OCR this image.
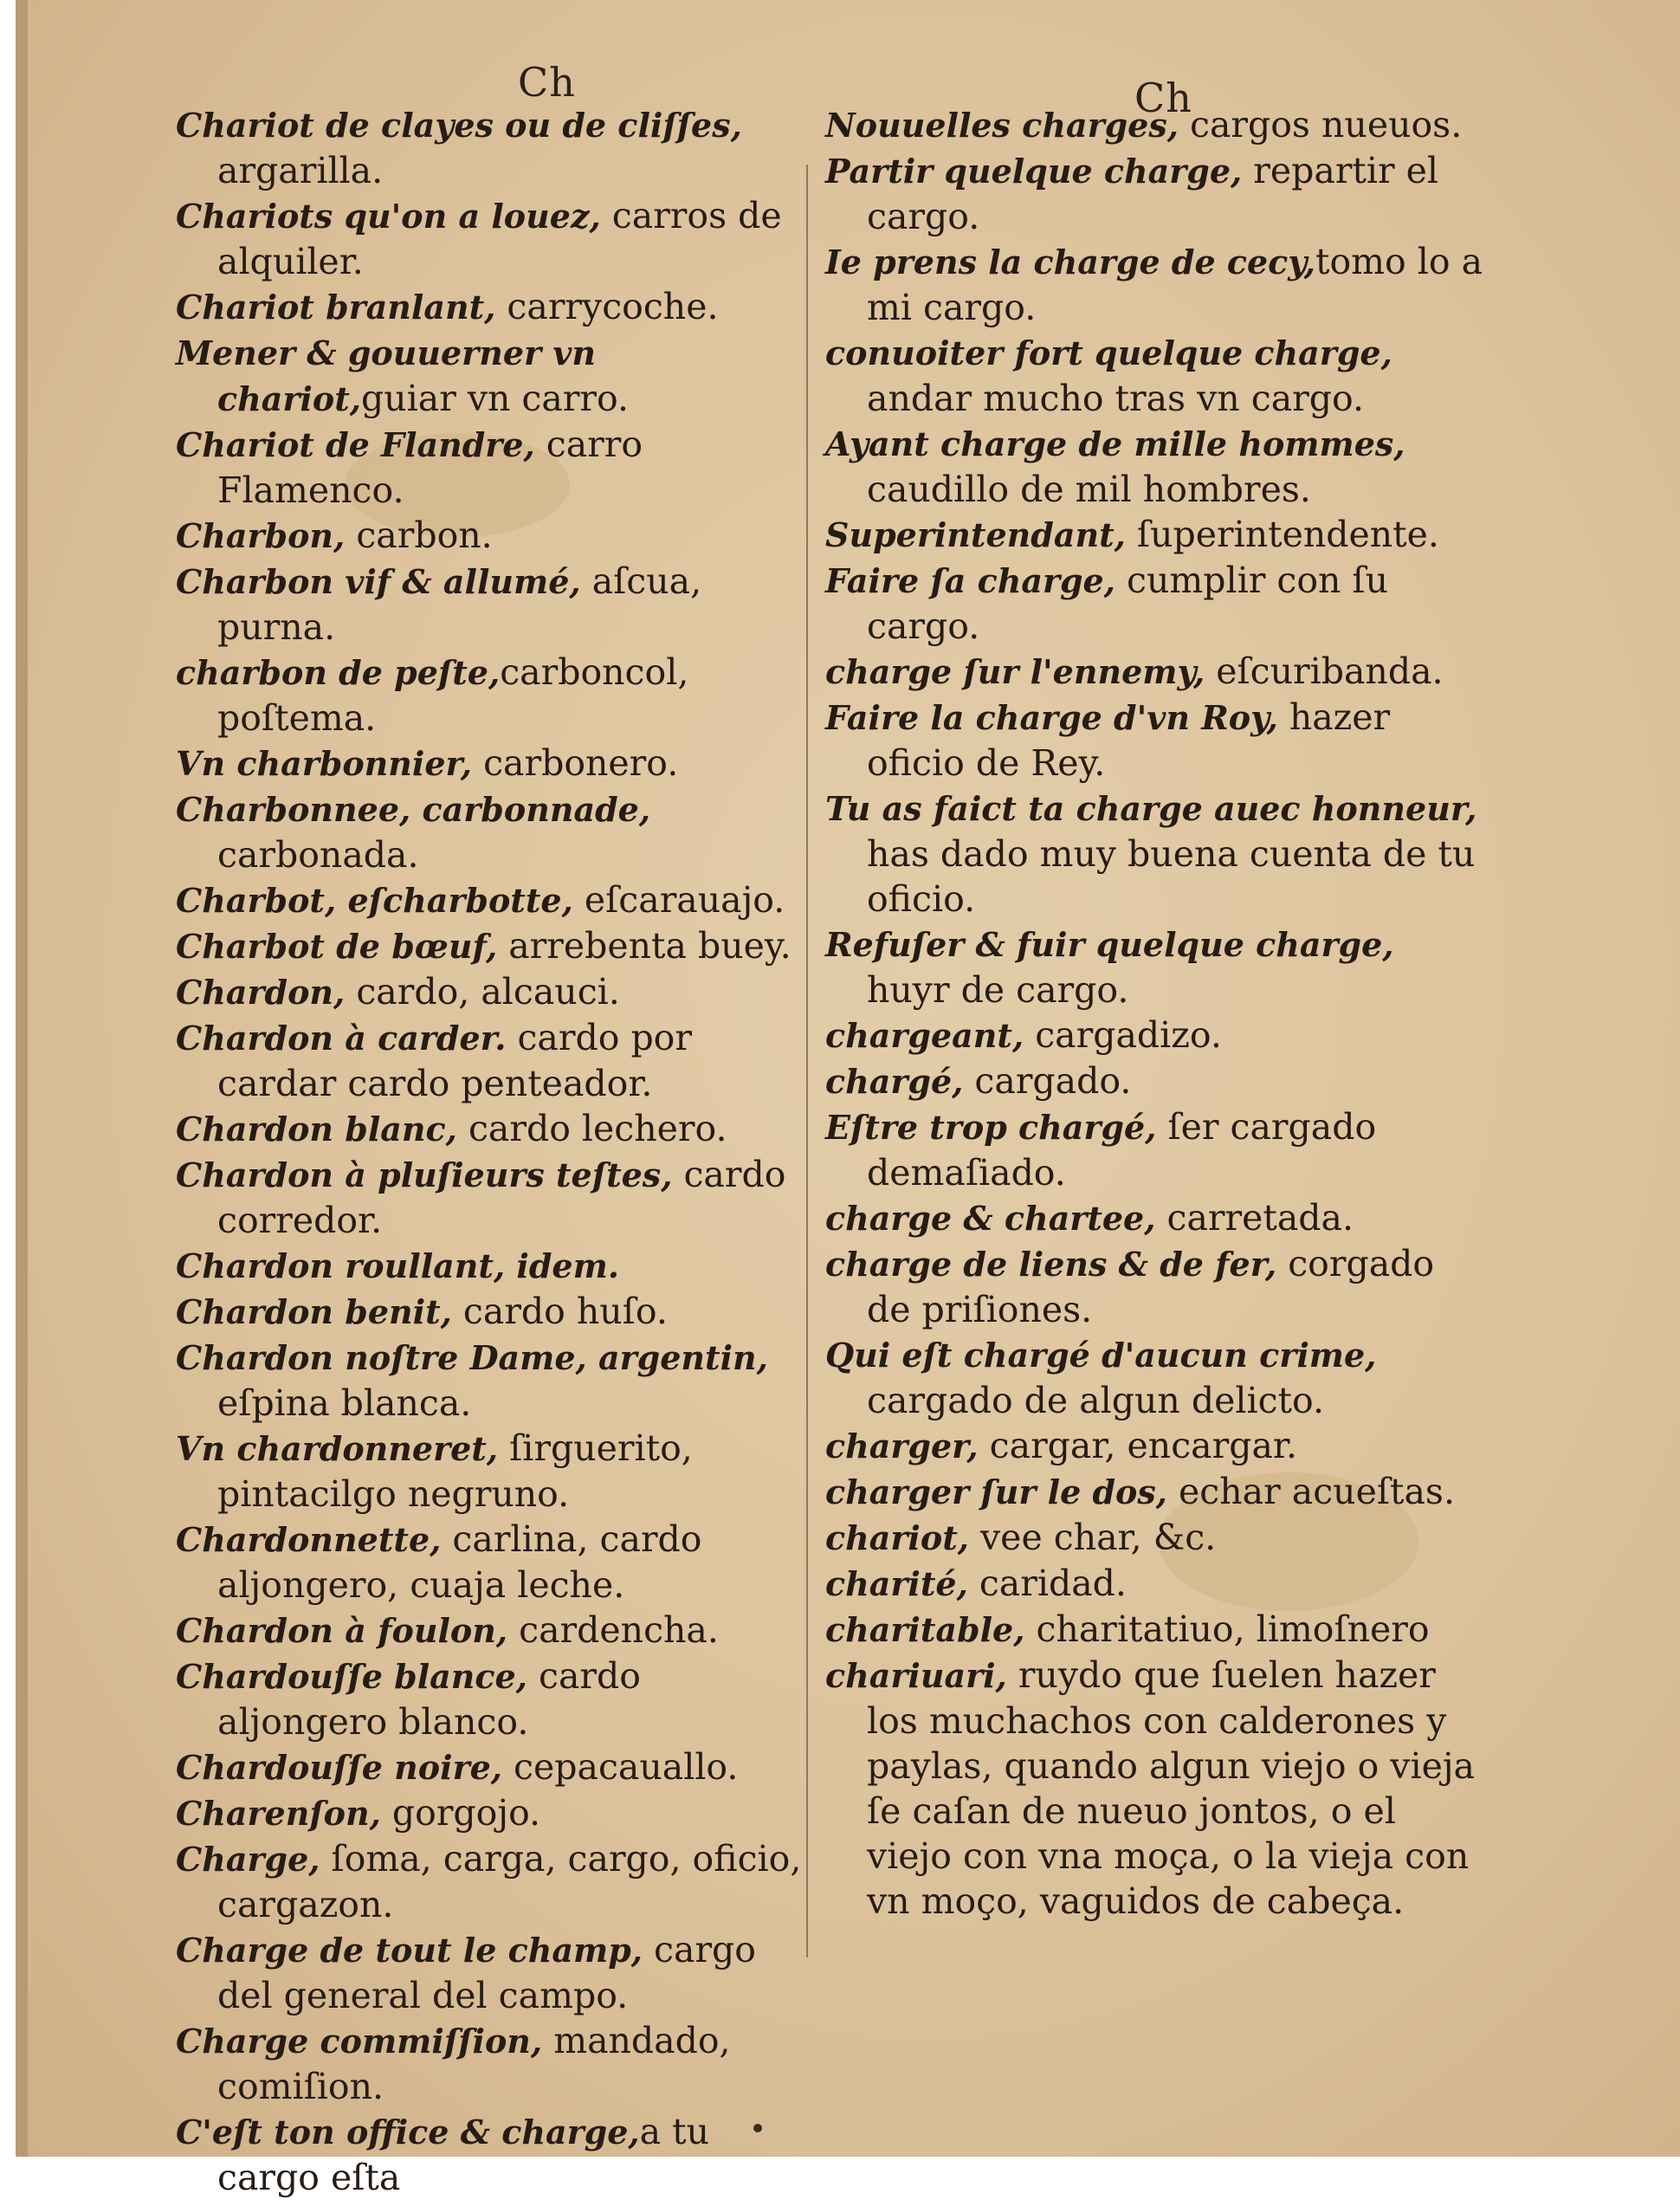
Ch	Ch

Chariot de clayes ou de cliſſes, argarilla.

Chariots qu'on a louez, carros de alquiler.

Chariot branlant, carrycoche.

Mener & gouuerner vn chariot,guiar vn carro.

Chariot de Flandre, carro Flamenco.

Charbon, carbon.

Charbon vif & allumé, aſcua, purna.

charbon de peſte,carboncol, poſtema.

Vn charbonnier, carbonero.

Charbonnee, carbonnade, carbonada.

Charbot, eſcharbotte, eſcarauajo.

Charbot de bœuf, arrebenta buey.

Chardon, cardo, alcauci.

Chardon à carder. cardo por cardar cardo penteador.

Chardon blanc, cardo lechero.

Chardon à pluſieurs teſtes, cardo corredor.

Chardon roullant, idem.

Chardon benit, cardo huſo.

Chardon noſtre Dame, argentin, eſpina blanca.

Vn chardonneret, ſirguerito, pintacilgo negruno.

Chardonnette, carlina, cardo aljongero, cuaja leche.

Chardon à foulon, cardencha.

Chardouſſe blance, cardo aljongero blanco.

Chardouſſe noire, cepacauallo.

Charenſon, gorgojo.

Charge, ſoma, carga, cargo, oficio, cargazon.

Charge de tout le champ, cargo del general del campo.

Charge commiſſion, mandado, comiſion.

C'eſt ton office & charge,a tu cargo eſta

Nouuelles charges, cargos nueuos.

Partir quelque charge, repartir el cargo.

Ie prens la charge de cecy,tomo lo a mi cargo.

conuoiter fort quelque charge, andar mucho tras vn cargo.

Ayant charge de mille hommes, caudillo de mil hombres.

Superintendant, ſuperintendente.

Faire ſa charge, cumplir con ſu cargo.

charge ſur l'ennemy, eſcuribanda.

Faire la charge d'vn Roy, hazer oficio de Rey.

Tu as faict ta charge auec honneur, has dado muy buena cuenta de tu oficio.

Refuſer & fuir quelque charge, huyr de cargo.

chargeant, cargadizo.

chargé, cargado.

Eſtre trop chargé, ſer cargado demaſiado.

charge & chartee, carretada.

charge de liens & de fer, corgado de priſiones.

Qui eſt chargé d'aucun crime, cargado de algun delicto.

charger, cargar, encargar.

charger ſur le dos, echar acueſtas.

chariot, vee char, &c.

charité, caridad.

charitable, charitatiuo, limoſnero

chariuari, ruydo que ſuelen hazer los muchachos con calderones y paylas, quando algun viejo o vieja ſe caſan de nueuo jontos, o el viejo con vna moça, o la vieja con vn moço, vaguidos de cabeça.
